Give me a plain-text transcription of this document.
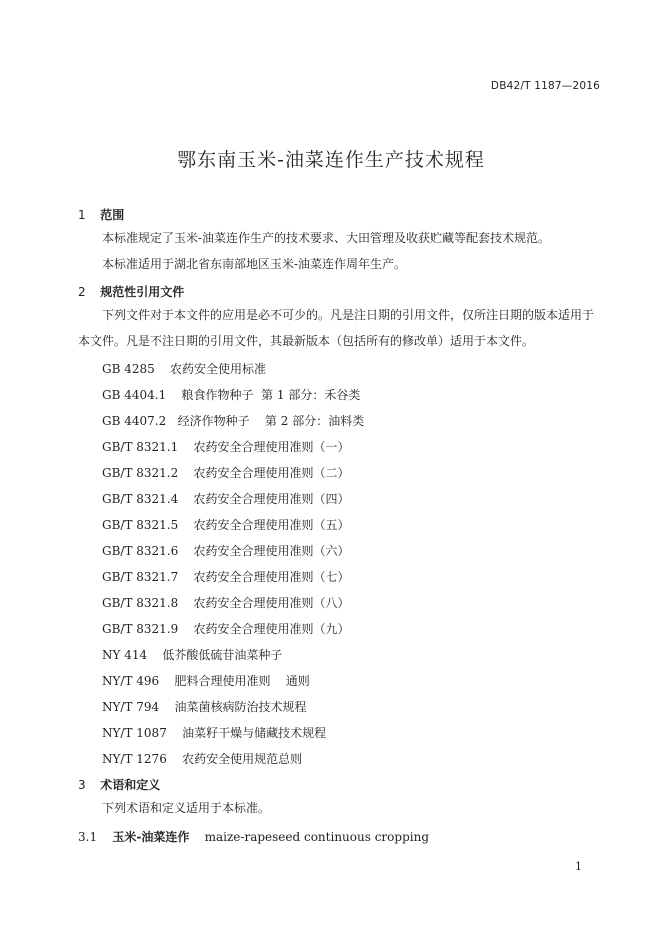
DB42/T 1187—2016
鄂东南玉米-油菜连作生产技术规程
1 范围
本标准规定了玉米-油菜连作生产的技术要求、大田管理及收获贮藏等配套技术规范。
本标准适用于湖北省东南部地区玉米-油菜连作周年生产。
2 规范性引用文件
下列文件对于本文件的应用是必不可少的。凡是注日期的引用文件，仅所注日期的版本适用于本文件。凡是不注日期的引用文件，其最新版本（包括所有的修改单）适用于本文件。
GB 4285 农药安全使用标准
GB 4404.1 粮食作物种子  第 1 部分：禾谷类
GB 4407.2 经济作物种子    第 2 部分：油料类
GB/T 8321.1 农药安全合理使用准则（一）
GB/T 8321.2 农药安全合理使用准则（二）
GB/T 8321.4 农药安全合理使用准则（四）
GB/T 8321.5 农药安全合理使用准则（五）
GB/T 8321.6 农药安全合理使用准则（六）
GB/T 8321.7 农药安全合理使用准则（七）
GB/T 8321.8 农药安全合理使用准则（八）
GB/T 8321.9 农药安全合理使用准则（九）
NY 414 低芥酸低硫苷油菜种子
NY/T 496 肥料合理使用准则    通则
NY/T 794 油菜菌核病防治技术规程
NY/T 1087 油菜籽干燥与储藏技术规程
NY/T 1276 农药安全使用规范总则
3 术语和定义
下列术语和定义适用于本标准。
3.1 玉米-油菜连作 maize-rapeseed continuous cropping
1
